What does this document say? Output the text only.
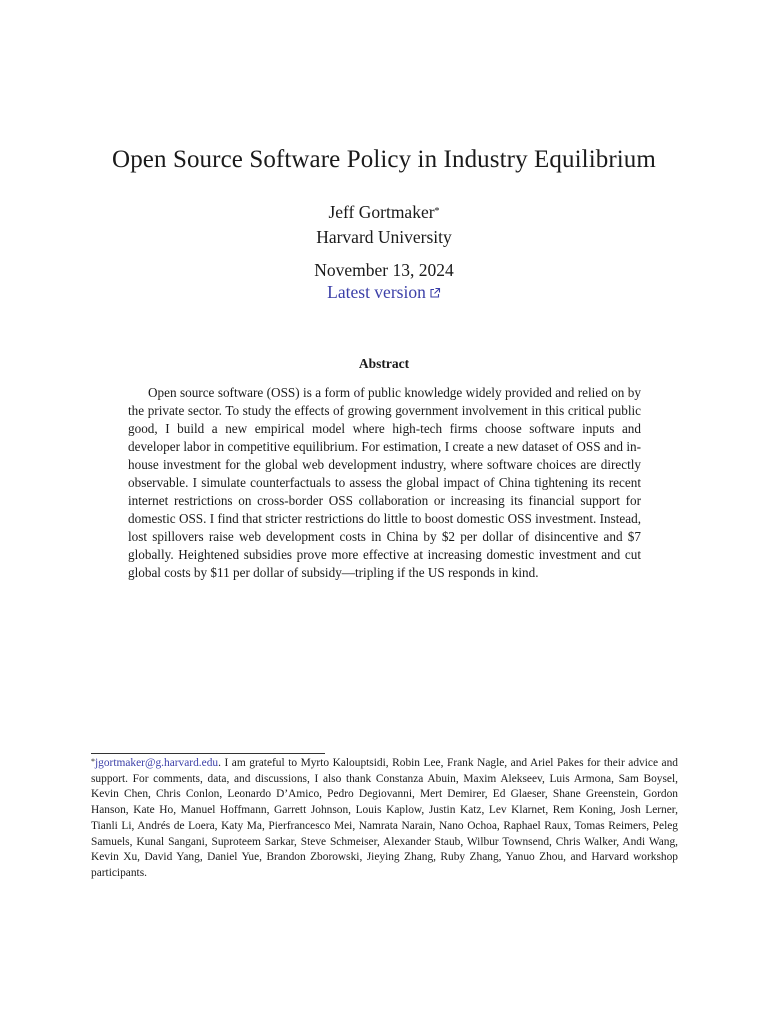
Open Source Software Policy in Industry Equilibrium
Jeff Gortmaker*
Harvard University
November 13, 2024
Latest version
Abstract

Open source software (OSS) is a form of public knowledge widely provided and relied on by the private sector. To study the effects of growing government involvement in this critical public good, I build a new empirical model where high-tech firms choose software inputs and developer labor in competitive equilibrium. For estimation, I create a new dataset of OSS and in-house investment for the global web development industry, where software choices are directly observable. I simulate counterfactuals to assess the global impact of China tightening its recent internet restrictions on cross-border OSS collaboration or increasing its financial support for domestic OSS. I find that stricter restrictions do little to boost domestic OSS investment. Instead, lost spillovers raise web development costs in China by $2 per dollar of disincentive and $7 globally. Heightened subsidies prove more effective at increasing domestic investment and cut global costs by $11 per dollar of subsidy—tripling if the US responds in kind.

*jgortmaker@g.harvard.edu. I am grateful to Myrto Kalouptsidi, Robin Lee, Frank Nagle, and Ariel Pakes for their advice and support. For comments, data, and discussions, I also thank Constanza Abuin, Maxim Alekseev, Luis Armona, Sam Boysel, Kevin Chen, Chris Conlon, Leonardo D’Amico, Pedro Degiovanni, Mert Demirer, Ed Glaeser, Shane Greenstein, Gordon Hanson, Kate Ho, Manuel Hoffmann, Garrett Johnson, Louis Kaplow, Justin Katz, Lev Klarnet, Rem Koning, Josh Lerner, Tianli Li, Andrés de Loera, Katy Ma, Pierfrancesco Mei, Namrata Narain, Nano Ochoa, Raphael Raux, Tomas Reimers, Peleg Samuels, Kunal Sangani, Suproteem Sarkar, Steve Schmeiser, Alexander Staub, Wilbur Townsend, Chris Walker, Andi Wang, Kevin Xu, David Yang, Daniel Yue, Brandon Zborowski, Jieying Zhang, Ruby Zhang, Yanuo Zhou, and Harvard workshop participants.
